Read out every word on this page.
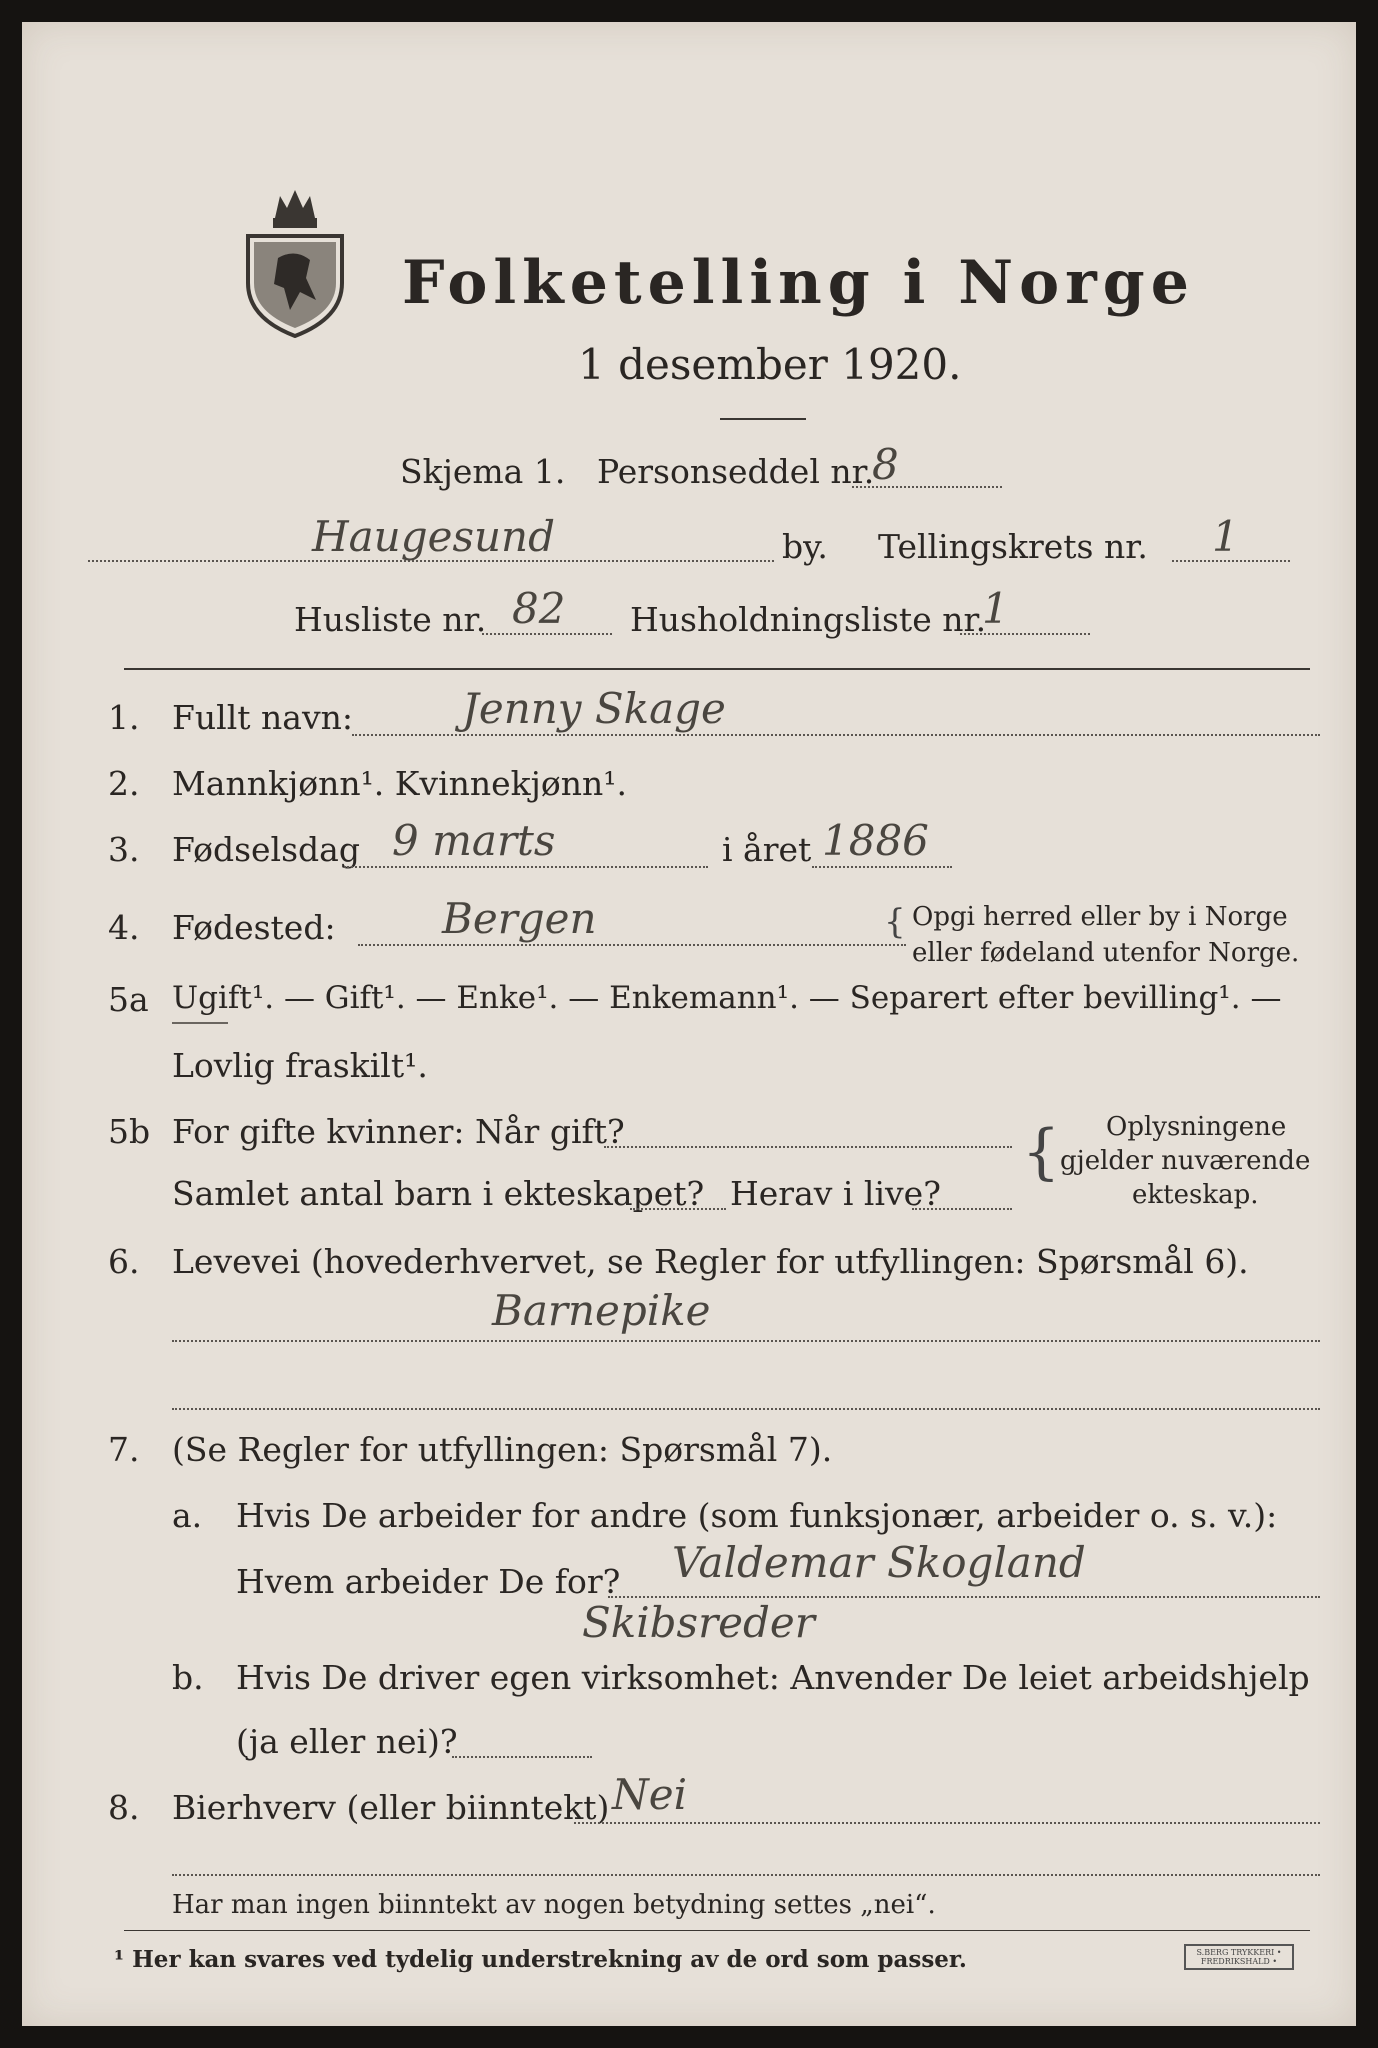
Folketelling i Norge
1 desember 1920.
Skjema 1. Personseddel nr.
8
Haugesund	by. Tellingskrets nr. 1
Husliste nr. 82 Husholdningsliste nr.
1
1. Fullt navn:	Jenny Skage
2. Mannkjønn¹. Kvinnekjønn¹.
3. Fødselsdag 9 marts	i året 1886
4. Fødested:	Bergen	{ Opgi herred eller by i Norge
eller fødeland utenfor Norge.
5a Ugift¹. — Gift¹. — Enke¹. — Enkemann¹. — Separert efter bevilling¹. —
Lovlig fraskilt¹.
5b For gifte kvinner: Når gift?
Samlet antal barn i ekteskapet? Herav i live?
{ Oplysningene
gjelder nuværende
ekteskap.
6. Levevei (hovederhvervet, se Regler for utfyllingen: Spørsmål 6).
Barnepike
7. (Se Regler for utfyllingen: Spørsmål 7).
a. Hvis De arbeider for andre (som funksjonær, arbeider o. s. v.):
Hvem arbeider De for? Valdemar Skogland
Skibsreder
b. Hvis De driver egen virksomhet: Anvender De leiet arbeidshjelp
(ja eller nei)?
8. Bierhverv (eller biinntekt) Nei
Har man ingen biinntekt av nogen betydning settes „nei“.
¹ Her kan svares ved tydelig understrekning av de ord som passer.	S.BERG TRYKKERI • FREDRIKSHALD •
